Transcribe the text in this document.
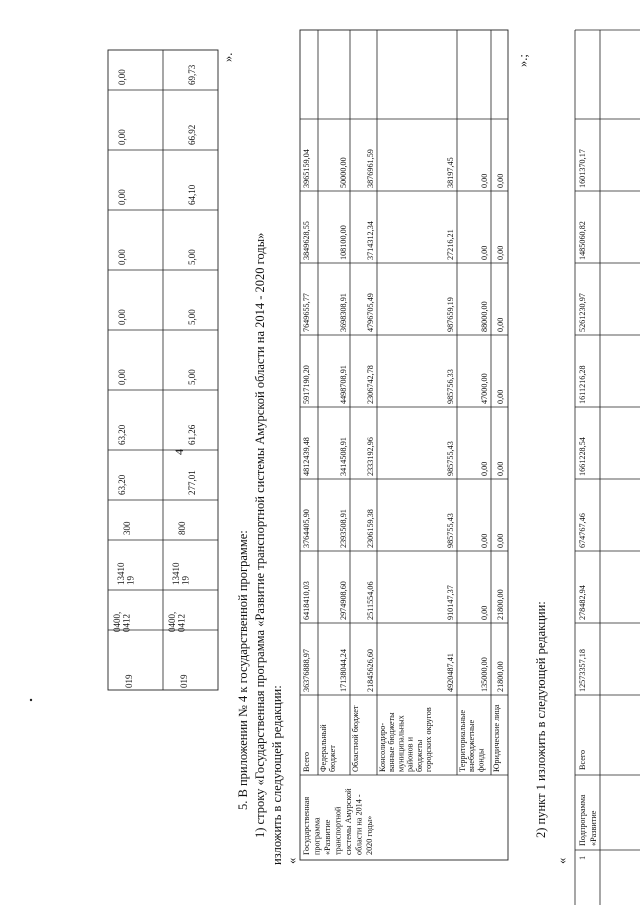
4
».
5. В приложении № 4 к государственной программе: 1) строку «Государственная программа «Развитие транспортной системы Амурской области на 2014 - 2020 годы» изложить в следующей редакции: «
».;
2) пункт 1 изложить в следующей редакции:
«
019
0400,0412
1341019
300
63,20
63,20
0,00
0,00
0,00
0,00
0,00
0,00
019
0400,0412
1341019
800
277,01
61,26
5,00
5,00
5,00
64,10
66,92
69,73
Государственная программа «Развитие транспортной системы Амурской области на 2014 - 2020 годы»
Всего
36376888,97
6418410,03
3764405,90
4812439,48
5917190,20
7649655,77
3849628,55
3965159,04
Федеральныйбюджет
17138044,24
2974908,60
2393508,91
3414508,91
4498708,91
3698308,91
108100,00
50000,00
Областной бюджет
21845626,60
2511554,06
2306159,38
2333192,96
2306742,78
4796705,49
3714312,34
3876961,59
Консолидиро-ванные бюджетымуниципальныхрайонов ибюджетыгородских округов
4920487,41
910147,37
985755,43
985755,43
985756,33
987659,19
27216,21
38197,45
Территориальныевнебюджетныефонды
135000,00
0,00
0,00
0,00
47000,00
88000,00
0,00
0,00
Юридические лица
21800,00
21800,00
0,00
0,00
0,00
0,00
0,00
0,00
1
Подпрограмма «Развитие
Всего
12573357,18
278482,94
674767,46
1661228,54
1611216,28
5261230,97
1485060,82
1601370,17
